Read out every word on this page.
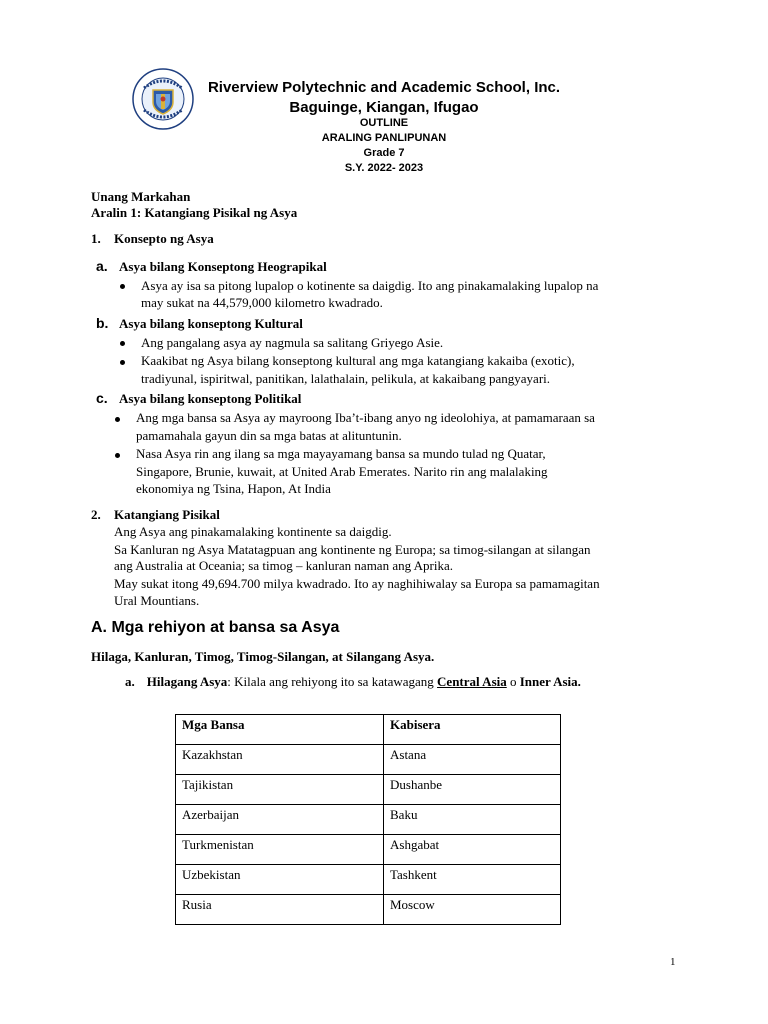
Riverview Polytechnic and Academic School, Inc.
Baguinge, Kiangan, Ifugao
OUTLINE
ARALING PANLIPUNAN
Grade 7
S.Y. 2022- 2023
Unang Markahan
Aralin 1: Katangiang Pisikal ng Asya
1. Konsepto ng Asya
a. Asya bilang Konseptong Heograpikal
Asya ay isa sa pitong lupalop o kotinente sa daigdig. Ito ang pinakamalaking lupalop na
may sukat na 44,579,000 kilometro kwadrado.
b. Asya bilang konseptong Kultural
Ang pangalang asya ay nagmula sa salitang Griyego Asie.
Kaakibat ng Asya bilang konseptong kultural ang mga katangiang kakaiba (exotic),
tradiyunal, ispiritwal, panitikan, lalathalain, pelikula, at kakaibang pangyayari.
c. Asya bilang konseptong Politikal
Ang mga bansa sa Asya ay mayroong Iba’t-ibang anyo ng ideolohiya, at pamamaraan sa
pamamahala gayun din sa mga batas at alituntunin.
Nasa Asya rin ang ilang sa mga mayayamang bansa sa mundo tulad ng Quatar,
Singapore, Brunie, kuwait, at United Arab Emerates. Narito rin ang malalaking
ekonomiya ng Tsina, Hapon, At India
2. Katangiang Pisikal
Ang Asya ang pinakamalaking kontinente sa daigdig.
Sa Kanluran ng Asya Matatagpuan ang kontinente ng Europa; sa timog-silangan at silangan
ang Australia at Oceania; sa timog – kanluran naman ang Aprika.
May sukat itong 49,694.700 milya kwadrado. Ito ay naghihiwalay sa Europa sa pamamagitan
Ural Mountians.
A. Mga rehiyon at bansa sa Asya
Hilaga, Kanluran, Timog, Timog-Silangan, at Silangang Asya.
a. Hilagang Asya: Kilala ang rehiyong ito sa katawagang Central Asia o Inner Asia.
Mga Bansa	Kabisera
Kazakhstan	Astana
Tajikistan	Dushanbe
Azerbaijan	Baku
Turkmenistan	Ashgabat
Uzbekistan	Tashkent
Rusia	Moscow
1
